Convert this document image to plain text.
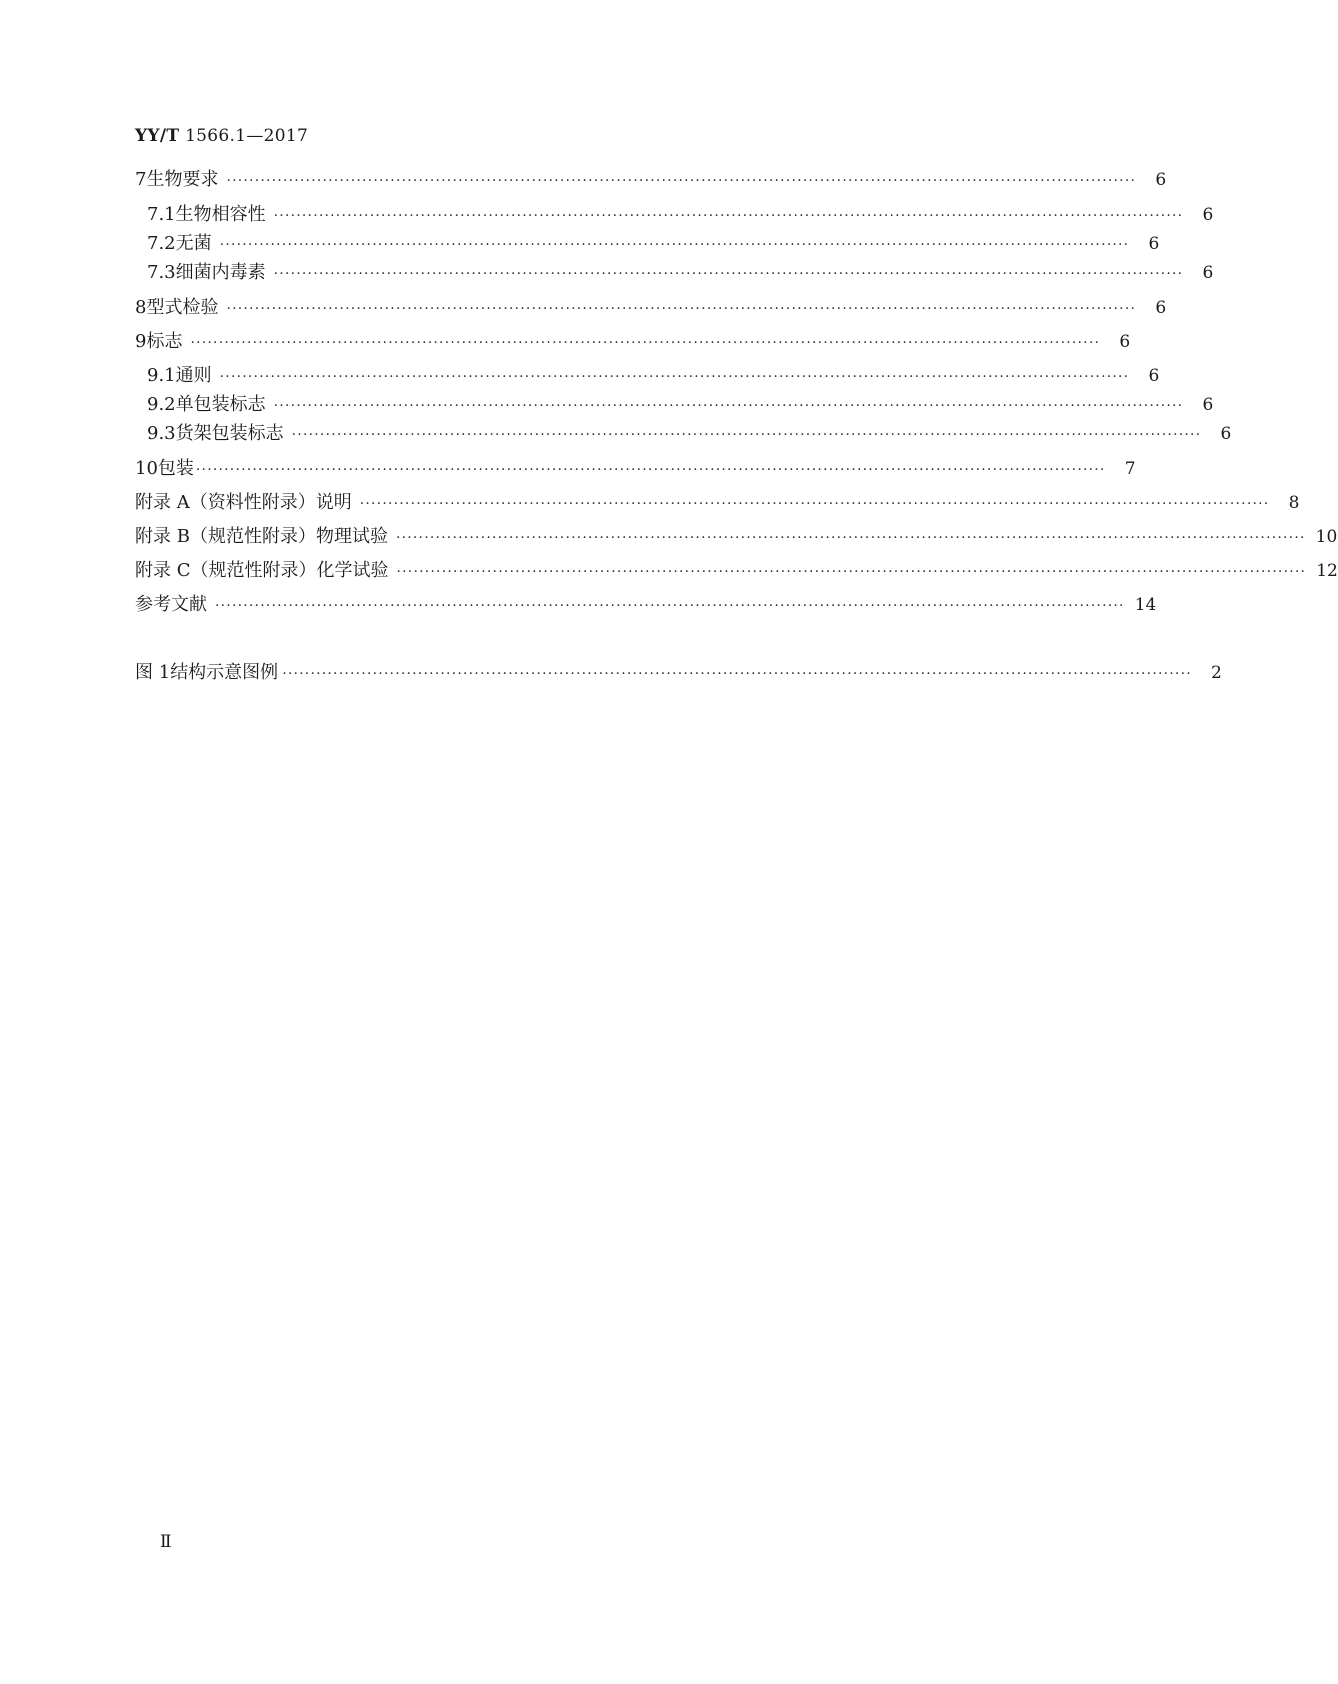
YY/T 1566.1—2017
7 生物要求 ·································································································································································	6
7.1 生物相容性 ·································································································································································	6
7.2 无菌 ·································································································································································	6
7.3 细菌内毒素 ·································································································································································	6
8 型式检验 ·································································································································································	6
9 标志 ·································································································································································	6
9.1 通则 ·································································································································································	6
9.2 单包装标志 ·································································································································································	6
9.3 货架包装标志 ·································································································································································	6
10 包装 ·································································································································································	7
附录 A（资料性附录） 说明 ·································································································································································	8
附录 B（规范性附录） 物理试验 ································································································································································· 10
附录 C（规范性附录） 化学试验 ································································································································································· 12
参考文献 ································································································································································· 14
图 1 结构示意图例 ·································································································································································	2
Ⅱ
